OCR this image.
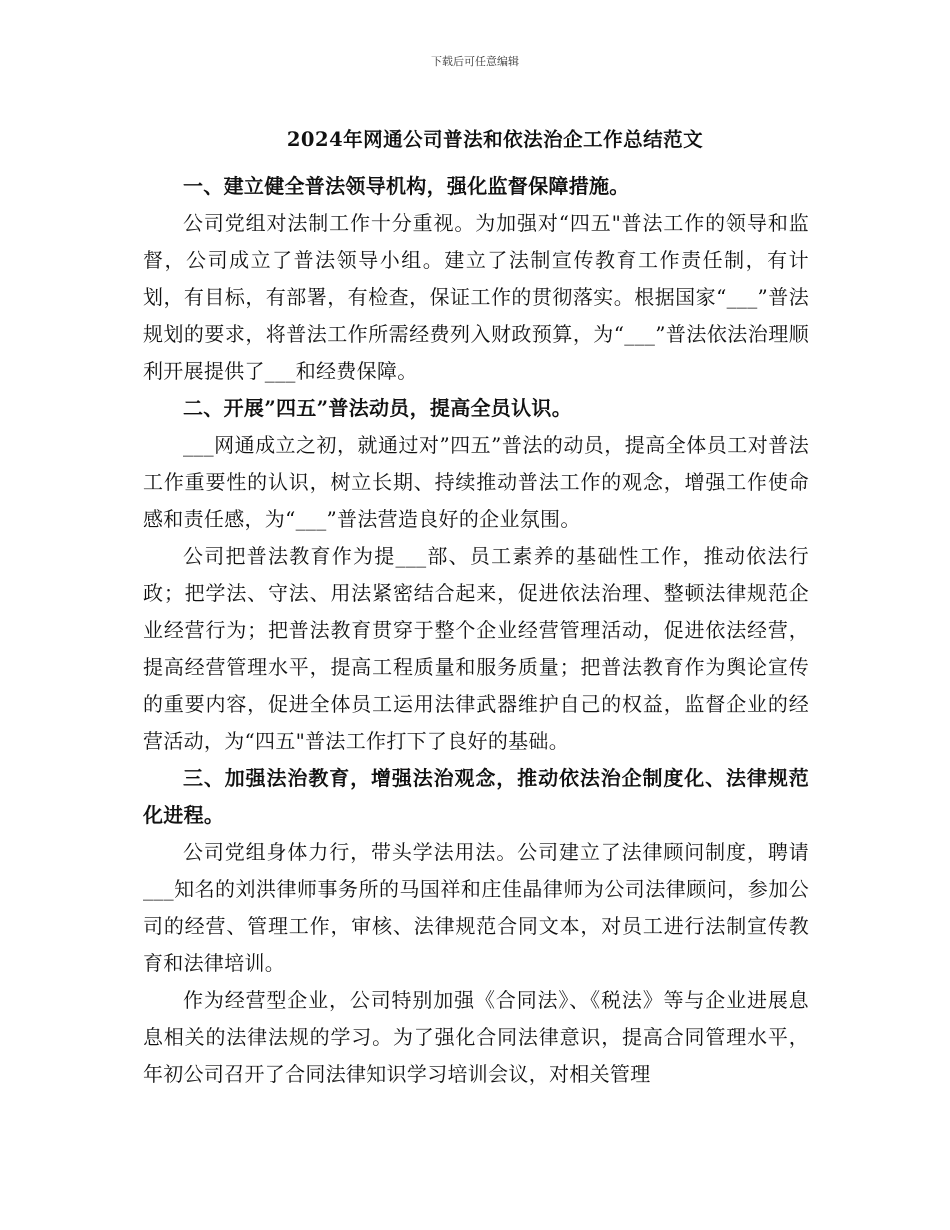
下载后可任意编辑
2024年网通公司普法和依法治企工作总结范文

一、建立健全普法领导机构，强化监督保障措施。

公司党组对法制工作十分重视。为加强对“四五"普法工作的领导和监督，公司成立了普法领导小组。建立了法制宣传教育工作责任制，有计划，有目标，有部署，有检查，保证工作的贯彻落实。根据国家“___”普法规划的要求，将普法工作所需经费列入财政预算，为“___”普法依法治理顺利开展提供了___和经费保障。

二、开展”四五”普法动员，提高全员认识。

___网通成立之初，就通过对”四五”普法的动员，提高全体员工对普法工作重要性的认识，树立长期、持续推动普法工作的观念，增强工作使命感和责任感，为“___”普法营造良好的企业氛围。

公司把普法教育作为提___部、员工素养的基础性工作，推动依法行政；把学法、守法、用法紧密结合起来，促进依法治理、整顿法律规范企业经营行为；把普法教育贯穿于整个企业经营管理活动，促进依法经营，提高经营管理水平，提高工程质量和服务质量；把普法教育作为舆论宣传的重要内容，促进全体员工运用法律武器维护自己的权益，监督企业的经营活动，为“四五"普法工作打下了良好的基础。

三、加强法治教育，增强法治观念，推动依法治企制度化、法律规范化进程。

公司党组身体力行，带头学法用法。公司建立了法律顾问制度，聘请___知名的刘洪律师事务所的马国祥和庄佳晶律师为公司法律顾问，参加公司的经营、管理工作，审核、法律规范合同文本，对员工进行法制宣传教育和法律培训。

作为经营型企业，公司特别加强《合同法》、《税法》等与企业进展息息相关的法律法规的学习。为了强化合同法律意识，提高合同管理水平，年初公司召开了合同法律知识学习培训会议，对相关管理
